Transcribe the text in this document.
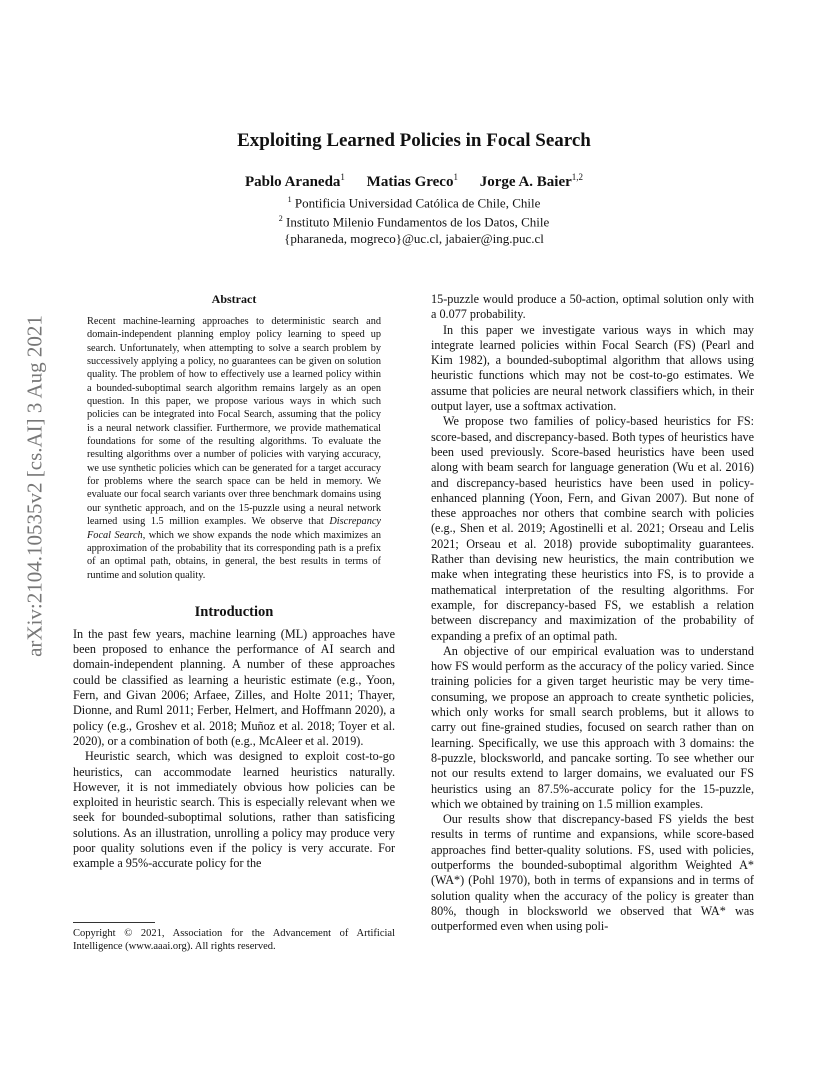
Exploiting Learned Policies in Focal Search
Pablo Araneda$^1$ Matias Greco$^1$ Jorge A. Baier$^{1,2}$
$^1$ Pontificia Universidad Católica de Chile, Chile
$^2$ Instituto Milenio Fundamentos de los Datos, Chile
{pharaneda, mogreco}@uc.cl, jabaier@ing.puc.cl
arXiv:2104.10535v2 [cs.AI] 3 Aug 2021
Abstract
Recent machine-learning approaches to deterministic search and domain-independent planning employ policy learning to speed up search. Unfortunately, when attempting to solve a search problem by successively applying a policy, no guarantees can be given on solution quality. The problem of how to effectively use a learned policy within a bounded-suboptimal search algorithm remains largely as an open question. In this paper, we propose various ways in which such policies can be integrated into Focal Search, assuming that the policy is a neural network classifier. Furthermore, we provide mathematical foundations for some of the resulting algorithms. To evaluate the resulting algorithms over a number of policies with varying accuracy, we use synthetic policies which can be generated for a target accuracy for problems where the search space can be held in memory. We evaluate our focal search variants over three benchmark domains using our synthetic approach, and on the 15-puzzle using a neural network learned using 1.5 million examples. We observe that Discrepancy Focal Search, which we show expands the node which maximizes an approximation of the probability that its corresponding path is a prefix of an optimal path, obtains, in general, the best results in terms of runtime and solution quality.
Introduction

In the past few years, machine learning (ML) approaches have been proposed to enhance the performance of AI search and domain-independent planning. A number of these approaches could be classified as learning a heuristic estimate (e.g., Yoon, Fern, and Givan 2006; Arfaee, Zilles, and Holte 2011; Thayer, Dionne, and Ruml 2011; Ferber, Helmert, and Hoffmann 2020), a policy (e.g., Groshev et al. 2018; Muñoz et al. 2018; Toyer et al. 2020), or a combination of both (e.g., McAleer et al. 2019).

Heuristic search, which was designed to exploit cost-to-go heuristics, can accommodate learned heuristics naturally. However, it is not immediately obvious how policies can be exploited in heuristic search. This is especially relevant when we seek for bounded-suboptimal solutions, rather than satisficing solutions. As an illustration, unrolling a policy may produce very poor quality solutions even if the policy is very accurate. For example a 95%-accurate policy for the

Copyright © 2021, Association for the Advancement of Artificial Intelligence (www.aaai.org). All rights reserved.

15-puzzle would produce a 50-action, optimal solution only with a 0.077 probability.

In this paper we investigate various ways in which may integrate learned policies within Focal Search (FS) (Pearl and Kim 1982), a bounded-suboptimal algorithm that allows using heuristic functions which may not be cost-to-go estimates. We assume that policies are neural network classifiers which, in their output layer, use a softmax activation.

We propose two families of policy-based heuristics for FS: score-based, and discrepancy-based. Both types of heuristics have been used previously. Score-based heuristics have been used along with beam search for language generation (Wu et al. 2016) and discrepancy-based heuristics have been used in policy-enhanced planning (Yoon, Fern, and Givan 2007). But none of these approaches nor others that combine search with policies (e.g., Shen et al. 2019; Agostinelli et al. 2021; Orseau and Lelis 2021; Orseau et al. 2018) provide suboptimality guarantees. Rather than devising new heuristics, the main contribution we make when integrating these heuristics into FS, is to provide a mathematical interpretation of the resulting algorithms. For example, for discrepancy-based FS, we establish a relation between discrepancy and maximization of the probability of expanding a prefix of an optimal path.

An objective of our empirical evaluation was to understand how FS would perform as the accuracy of the policy varied. Since training policies for a given target heuristic may be very time-consuming, we propose an approach to create synthetic policies, which only works for small search problems, but it allows to carry out fine-grained studies, focused on search rather than on learning. Specifically, we use this approach with 3 domains: the 8-puzzle, blocksworld, and pancake sorting. To see whether our not our results extend to larger domains, we evaluated our FS heuristics using an 87.5%-accurate policy for the 15-puzzle, which we obtained by training on 1.5 million examples.

Our results show that discrepancy-based FS yields the best results in terms of runtime and expansions, while score-based approaches find better-quality solutions. FS, used with policies, outperforms the bounded-suboptimal algorithm Weighted A* (WA*) (Pohl 1970), both in terms of expansions and in terms of solution quality when the accuracy of the policy is greater than 80%, though in blocksworld we observed that WA* was outperformed even when using poli-
